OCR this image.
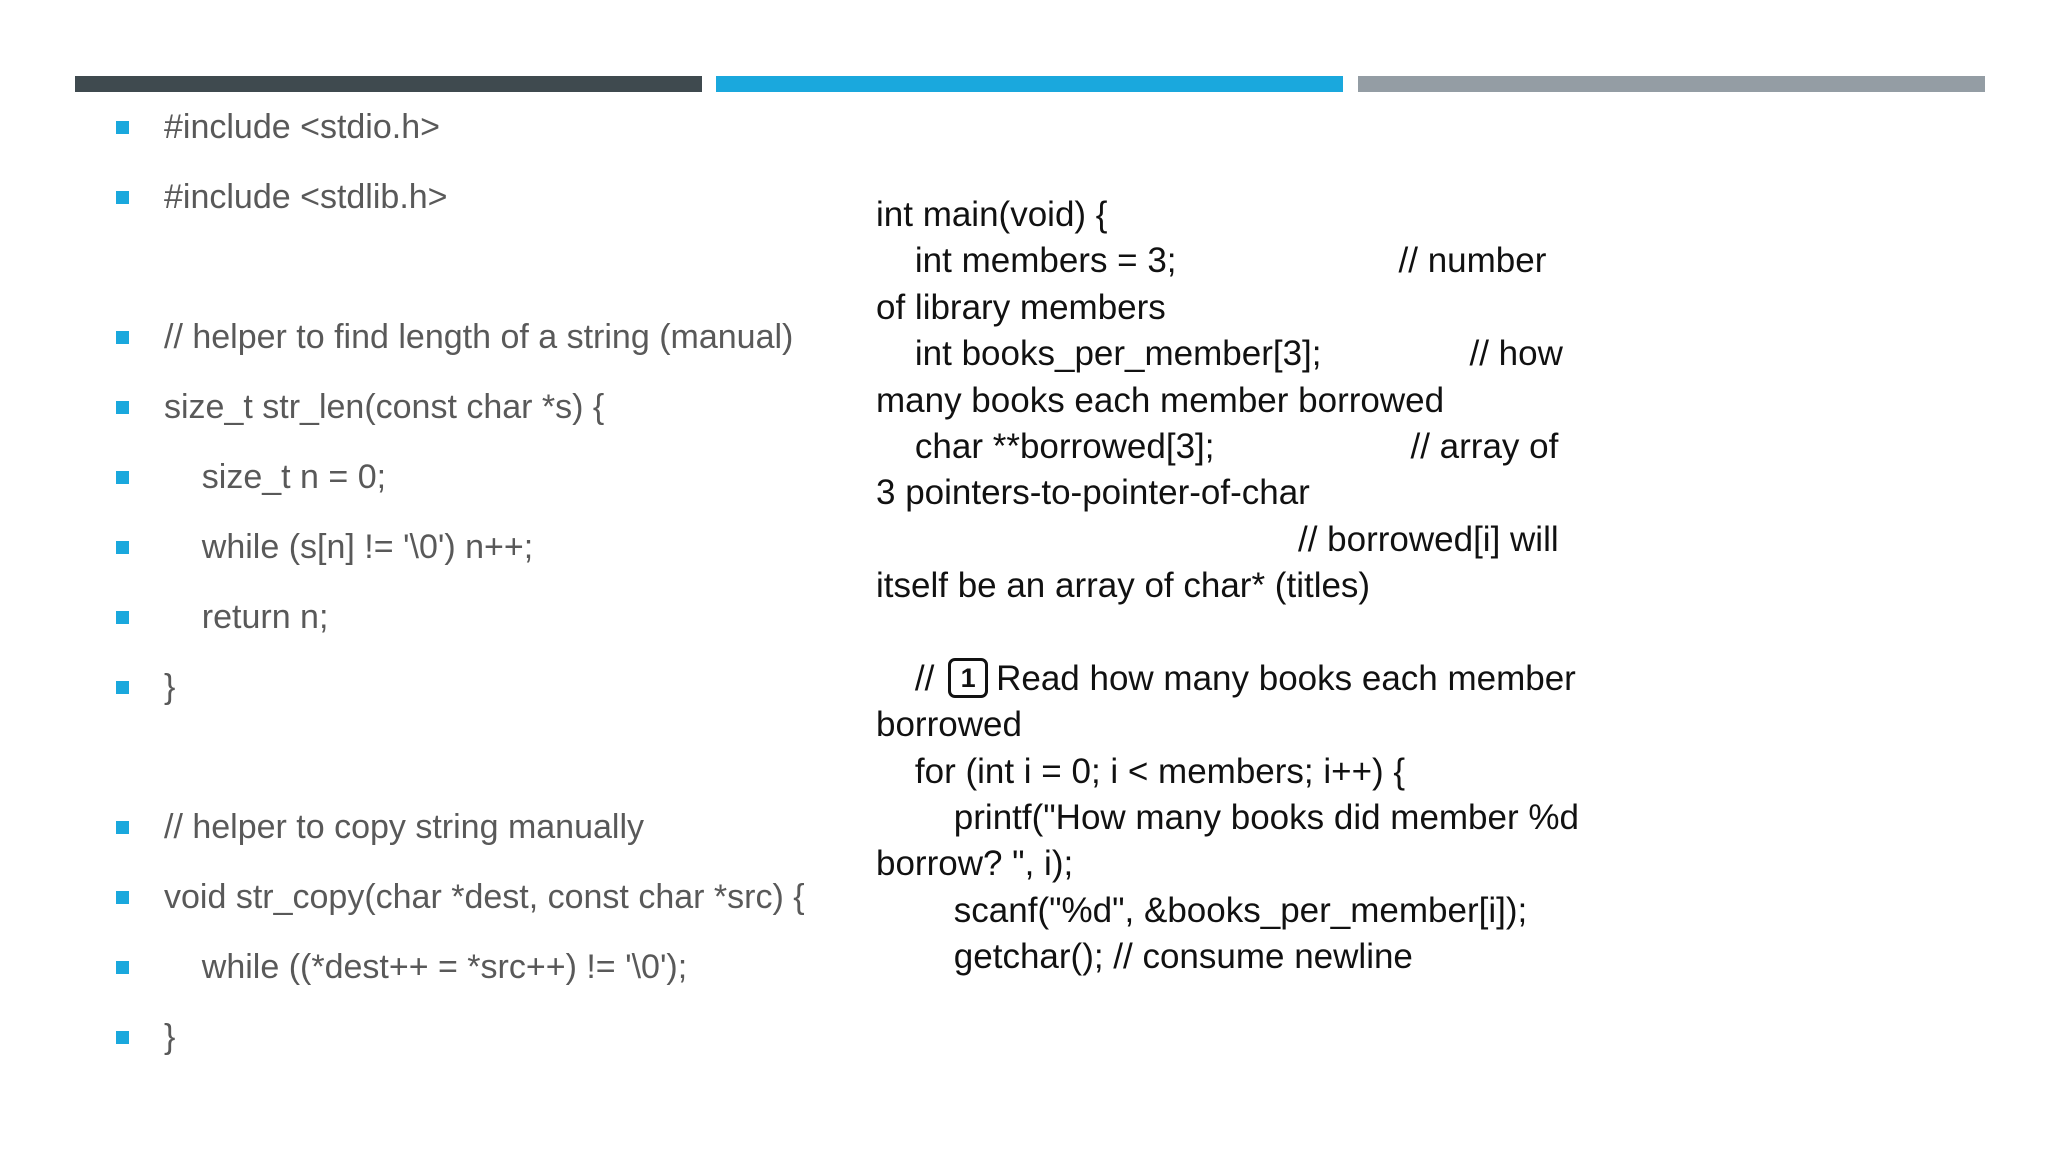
#include <stdio.h>
#include <stdlib.h>
// helper to find length of a string (manual)
size_t str_len(const char *s) {
size_t n = 0;
while (s[n] != '\0') n++;
return n;
}
// helper to copy string manually
void str_copy(char *dest, const char *src) {
while ((*dest++ = *src++) != '\0');
}
int main(void) {
int members = 3;	// number
of library members
int books_per_member[3];	// how
many books each member borrowed
char **borrowed[3];	// array of
3 pointers-to-pointer-of-char
// borrowed[i] will
itself be an array of char* (titles)
// 1 Read how many books each member
borrowed
for (int i = 0; i < members; i++) {
printf("How many books did member %d
borrow? ", i);
scanf("%d", &books_per_member[i]);
getchar(); // consume newline
